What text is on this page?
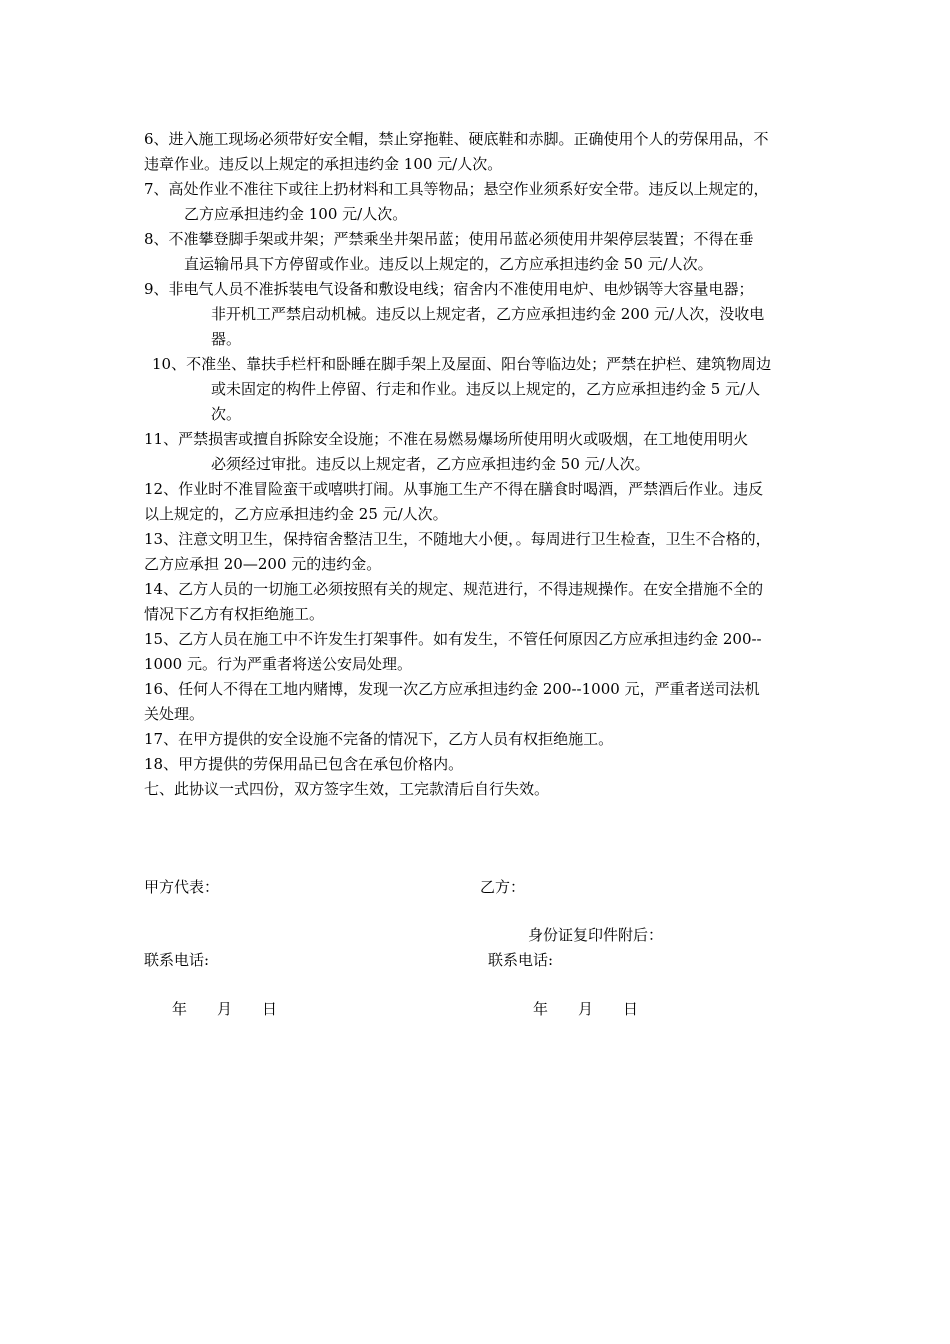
6、进入施工现场必须带好安全帽，禁止穿拖鞋、硬底鞋和赤脚。正确使用个人的劳保用品，不
违章作业。违反以上规定的承担违约金 100 元/人次。
7、高处作业不准往下或往上扔材料和工具等物品；悬空作业须系好安全带。违反以上规定的，
乙方应承担违约金 100 元/人次。
8、不准攀登脚手架或井架；严禁乘坐井架吊蓝；使用吊蓝必须使用井架停层装置；不得在垂
直运输吊具下方停留或作业。违反以上规定的，乙方应承担违约金 50 元/人次。
9、非电气人员不准拆装电气设备和敷设电线；宿舍内不准使用电炉、电炒锅等大容量电器；
非开机工严禁启动机械。违反以上规定者，乙方应承担违约金 200 元/人次，没收电
器。
10、不准坐、靠扶手栏杆和卧睡在脚手架上及屋面、阳台等临边处；严禁在护栏、建筑物周边
或未固定的构件上停留、行走和作业。违反以上规定的，乙方应承担违约金 5 元/人
次。
11、严禁损害或擅自拆除安全设施；不准在易燃易爆场所使用明火或吸烟，在工地使用明火
必须经过审批。违反以上规定者，乙方应承担违约金 50 元/人次。
12、作业时不准冒险蛮干或嘻哄打闹。从事施工生产不得在膳食时喝酒，严禁酒后作业。违反
以上规定的，乙方应承担违约金 25 元/人次。
13、注意文明卫生，保持宿舍整洁卫生，不随地大小便，。每周进行卫生检查，卫生不合格的，
乙方应承担 20—200 元的违约金。
14、乙方人员的一切施工必须按照有关的规定、规范进行，不得违规操作。在安全措施不全的
情况下乙方有权拒绝施工。
15、乙方人员在施工中不许发生打架事件。如有发生，不管任何原因乙方应承担违约金 200--
1000 元。行为严重者将送公安局处理。
16、任何人不得在工地内赌博，发现一次乙方应承担违约金 200--1000 元，严重者送司法机
关处理。
17、在甲方提供的安全设施不完备的情况下，乙方人员有权拒绝施工。
18、甲方提供的劳保用品已包含在承包价格内。
七、此协议一式四份，双方签字生效，工完款清后自行失效。
甲方代表：	乙方：
身份证复印件附后：
联系电话:	联系电话:
年　　月　　日	年　　月　　日
